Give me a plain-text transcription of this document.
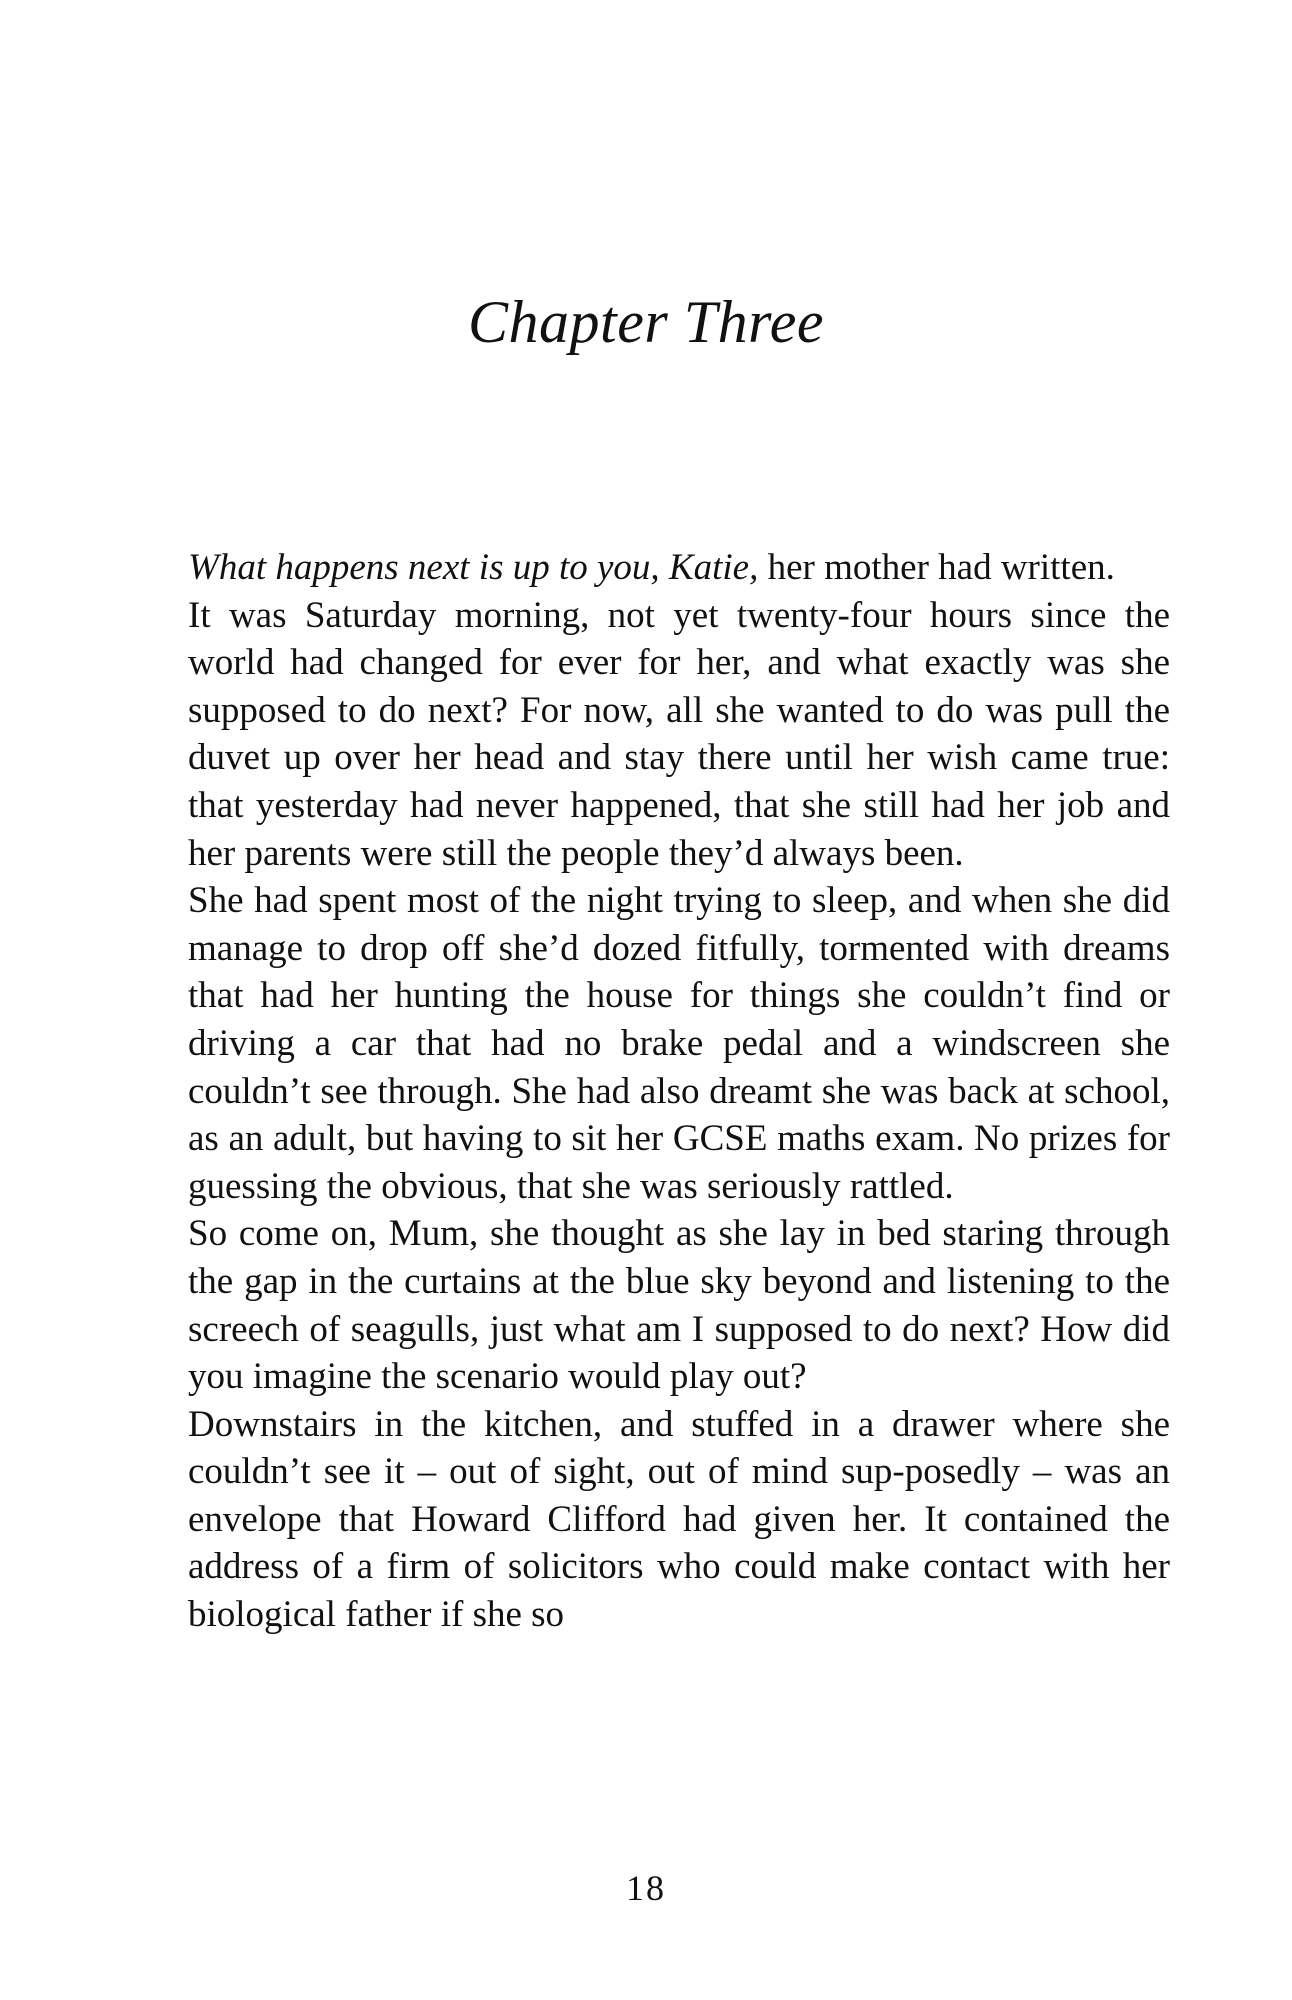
Chapter Three

What happens next is up to you, Katie, her mother had written.

It was Saturday morning, not yet twenty-four hours since the world had changed for ever for her, and what exactly was she supposed to do next? For now, all she wanted to do was pull the duvet up over her head and stay there until her wish came true: that yesterday had never happened, that she still had her job and her parents were still the people they’d always been.

She had spent most of the night trying to sleep, and when she did manage to drop off she’d dozed fitfully, tormented with dreams that had her hunting the house for things she couldn’t find or driving a car that had no brake pedal and a windscreen she couldn’t see through. She had also dreamt she was back at school, as an adult, but having to sit her GCSE maths exam. No prizes for guessing the obvious, that she was seriously rattled.

So come on, Mum, she thought as she lay in bed staring through the gap in the curtains at the blue sky beyond and listening to the screech of seagulls, just what am I supposed to do next? How did you imagine the scenario would play out?

Downstairs in the kitchen, and stuffed in a drawer where she couldn’t see it – out of sight, out of mind sup-posedly – was an envelope that Howard Clifford had given her. It contained the address of a firm of solicitors who could make contact with her biological father if she so

18
